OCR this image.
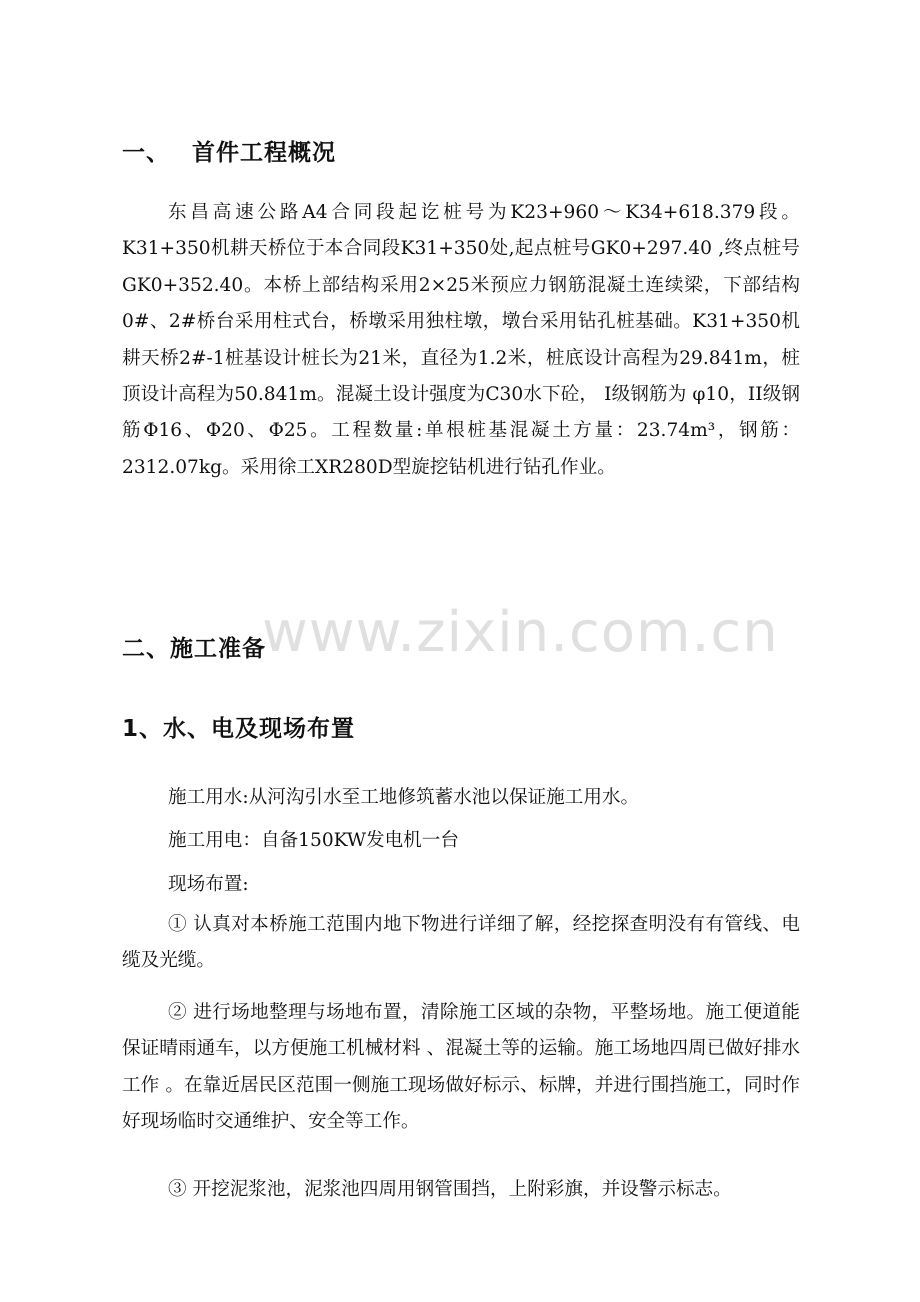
一、 首件工程概况

东昌高速公路A4合同段起讫桩号为K23+960～K34+618.379段。K31+350机耕天桥位于本合同段K31+350处,起点桩号GK0+297.40 ,终点桩号GK0+352.40。本桥上部结构采用2×25米预应力钢筋混凝土连续梁，下部结构0#、2#桥台采用柱式台，桥墩采用独柱墩，墩台采用钻孔桩基础。K31+350机耕天桥2#-1桩基设计桩长为21米，直径为1.2米，桩底设计高程为29.841m，桩顶设计高程为50.841m。混凝土设计强度为C30水下砼， Ⅰ级钢筋为 φ10，II级钢筋Φ16、Φ20、Φ25。工程数量:单根桩基混凝土方量：23.74m³，钢筋：2312.07kg。采用徐工XR280D型旋挖钻机进行钻孔作业。

二、施工准备
1、水、电及现场布置
施工用水:从河沟引水至工地修筑蓄水池以保证施工用水。
施工用电：自备150KW发电机一台
现场布置:

① 认真对本桥施工范围内地下物进行详细了解，经挖探查明没有有管线、电缆及光缆。

② 进行场地整理与场地布置，清除施工区域的杂物，平整场地。施工便道能保证晴雨通车，以方便施工机械材料 、混凝土等的运输。施工场地四周已做好排水工作 。在靠近居民区范围一侧施工现场做好标示、标牌，并进行围挡施工，同时作好现场临时交通维护、安全等工作。

③ 开挖泥浆池，泥浆池四周用钢管围挡，上附彩旗，并设警示标志。

www.zixin.com.cn
